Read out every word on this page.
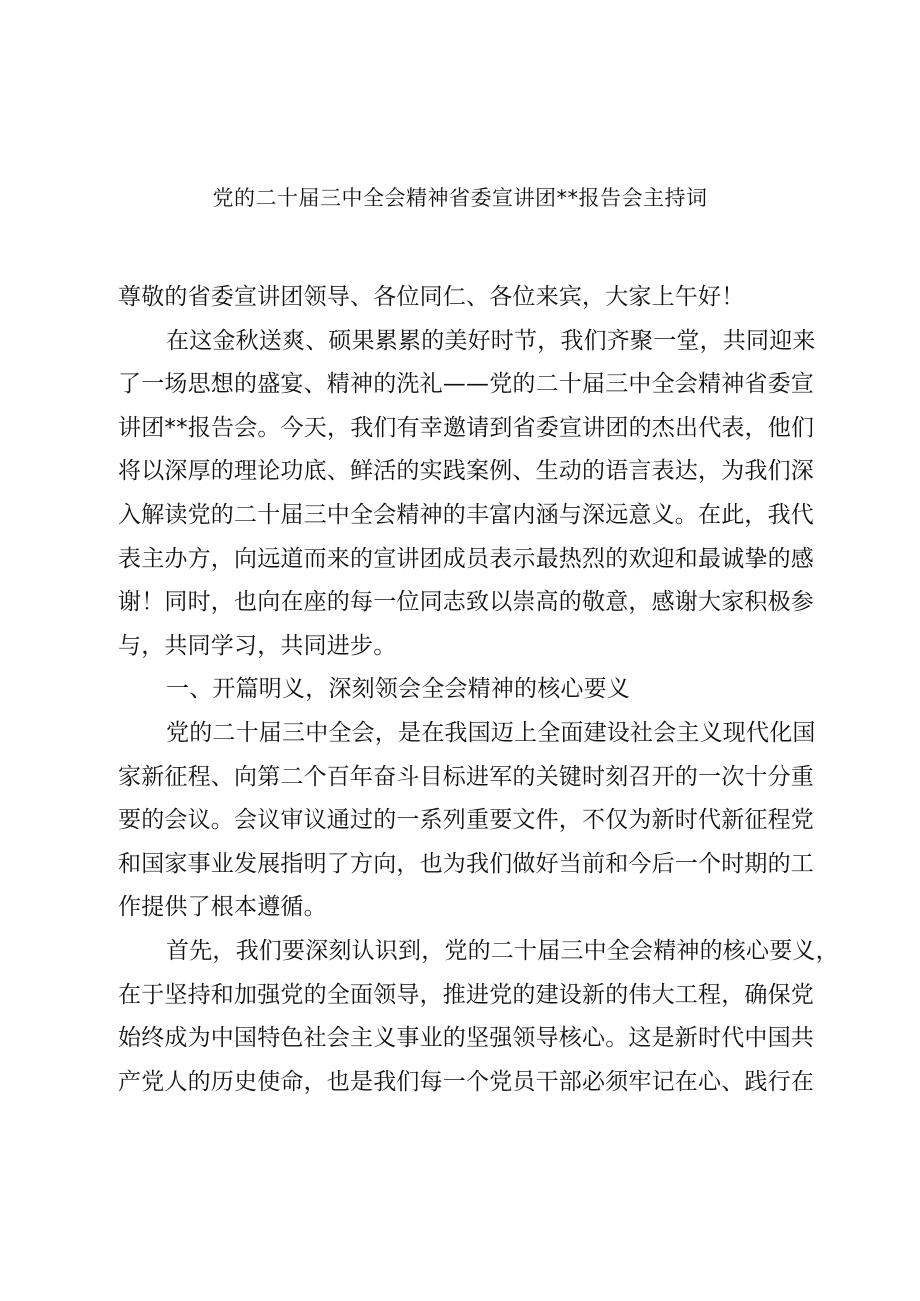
党的二十届三中全会精神省委宣讲团**报告会主持词
尊敬的省委宣讲团领导、各位同仁、各位来宾，大家上午好！
在这金秋送爽、硕果累累的美好时节，我们齐聚一堂，共同迎来
了一场思想的盛宴、精神的洗礼——党的二十届三中全会精神省委宣
讲团**报告会。今天，我们有幸邀请到省委宣讲团的杰出代表，他们
将以深厚的理论功底、鲜活的实践案例、生动的语言表达，为我们深
入解读党的二十届三中全会精神的丰富内涵与深远意义。在此，我代
表主办方，向远道而来的宣讲团成员表示最热烈的欢迎和最诚挚的感
谢！同时，也向在座的每一位同志致以崇高的敬意，感谢大家积极参
与，共同学习，共同进步。
一、开篇明义，深刻领会全会精神的核心要义
党的二十届三中全会，是在我国迈上全面建设社会主义现代化国
家新征程、向第二个百年奋斗目标进军的关键时刻召开的一次十分重
要的会议。会议审议通过的一系列重要文件，不仅为新时代新征程党
和国家事业发展指明了方向，也为我们做好当前和今后一个时期的工
作提供了根本遵循。
首先，我们要深刻认识到，党的二十届三中全会精神的核心要义，
在于坚持和加强党的全面领导，推进党的建设新的伟大工程，确保党
始终成为中国特色社会主义事业的坚强领导核心。这是新时代中国共
产党人的历史使命，也是我们每一个党员干部必须牢记在心、践行在
